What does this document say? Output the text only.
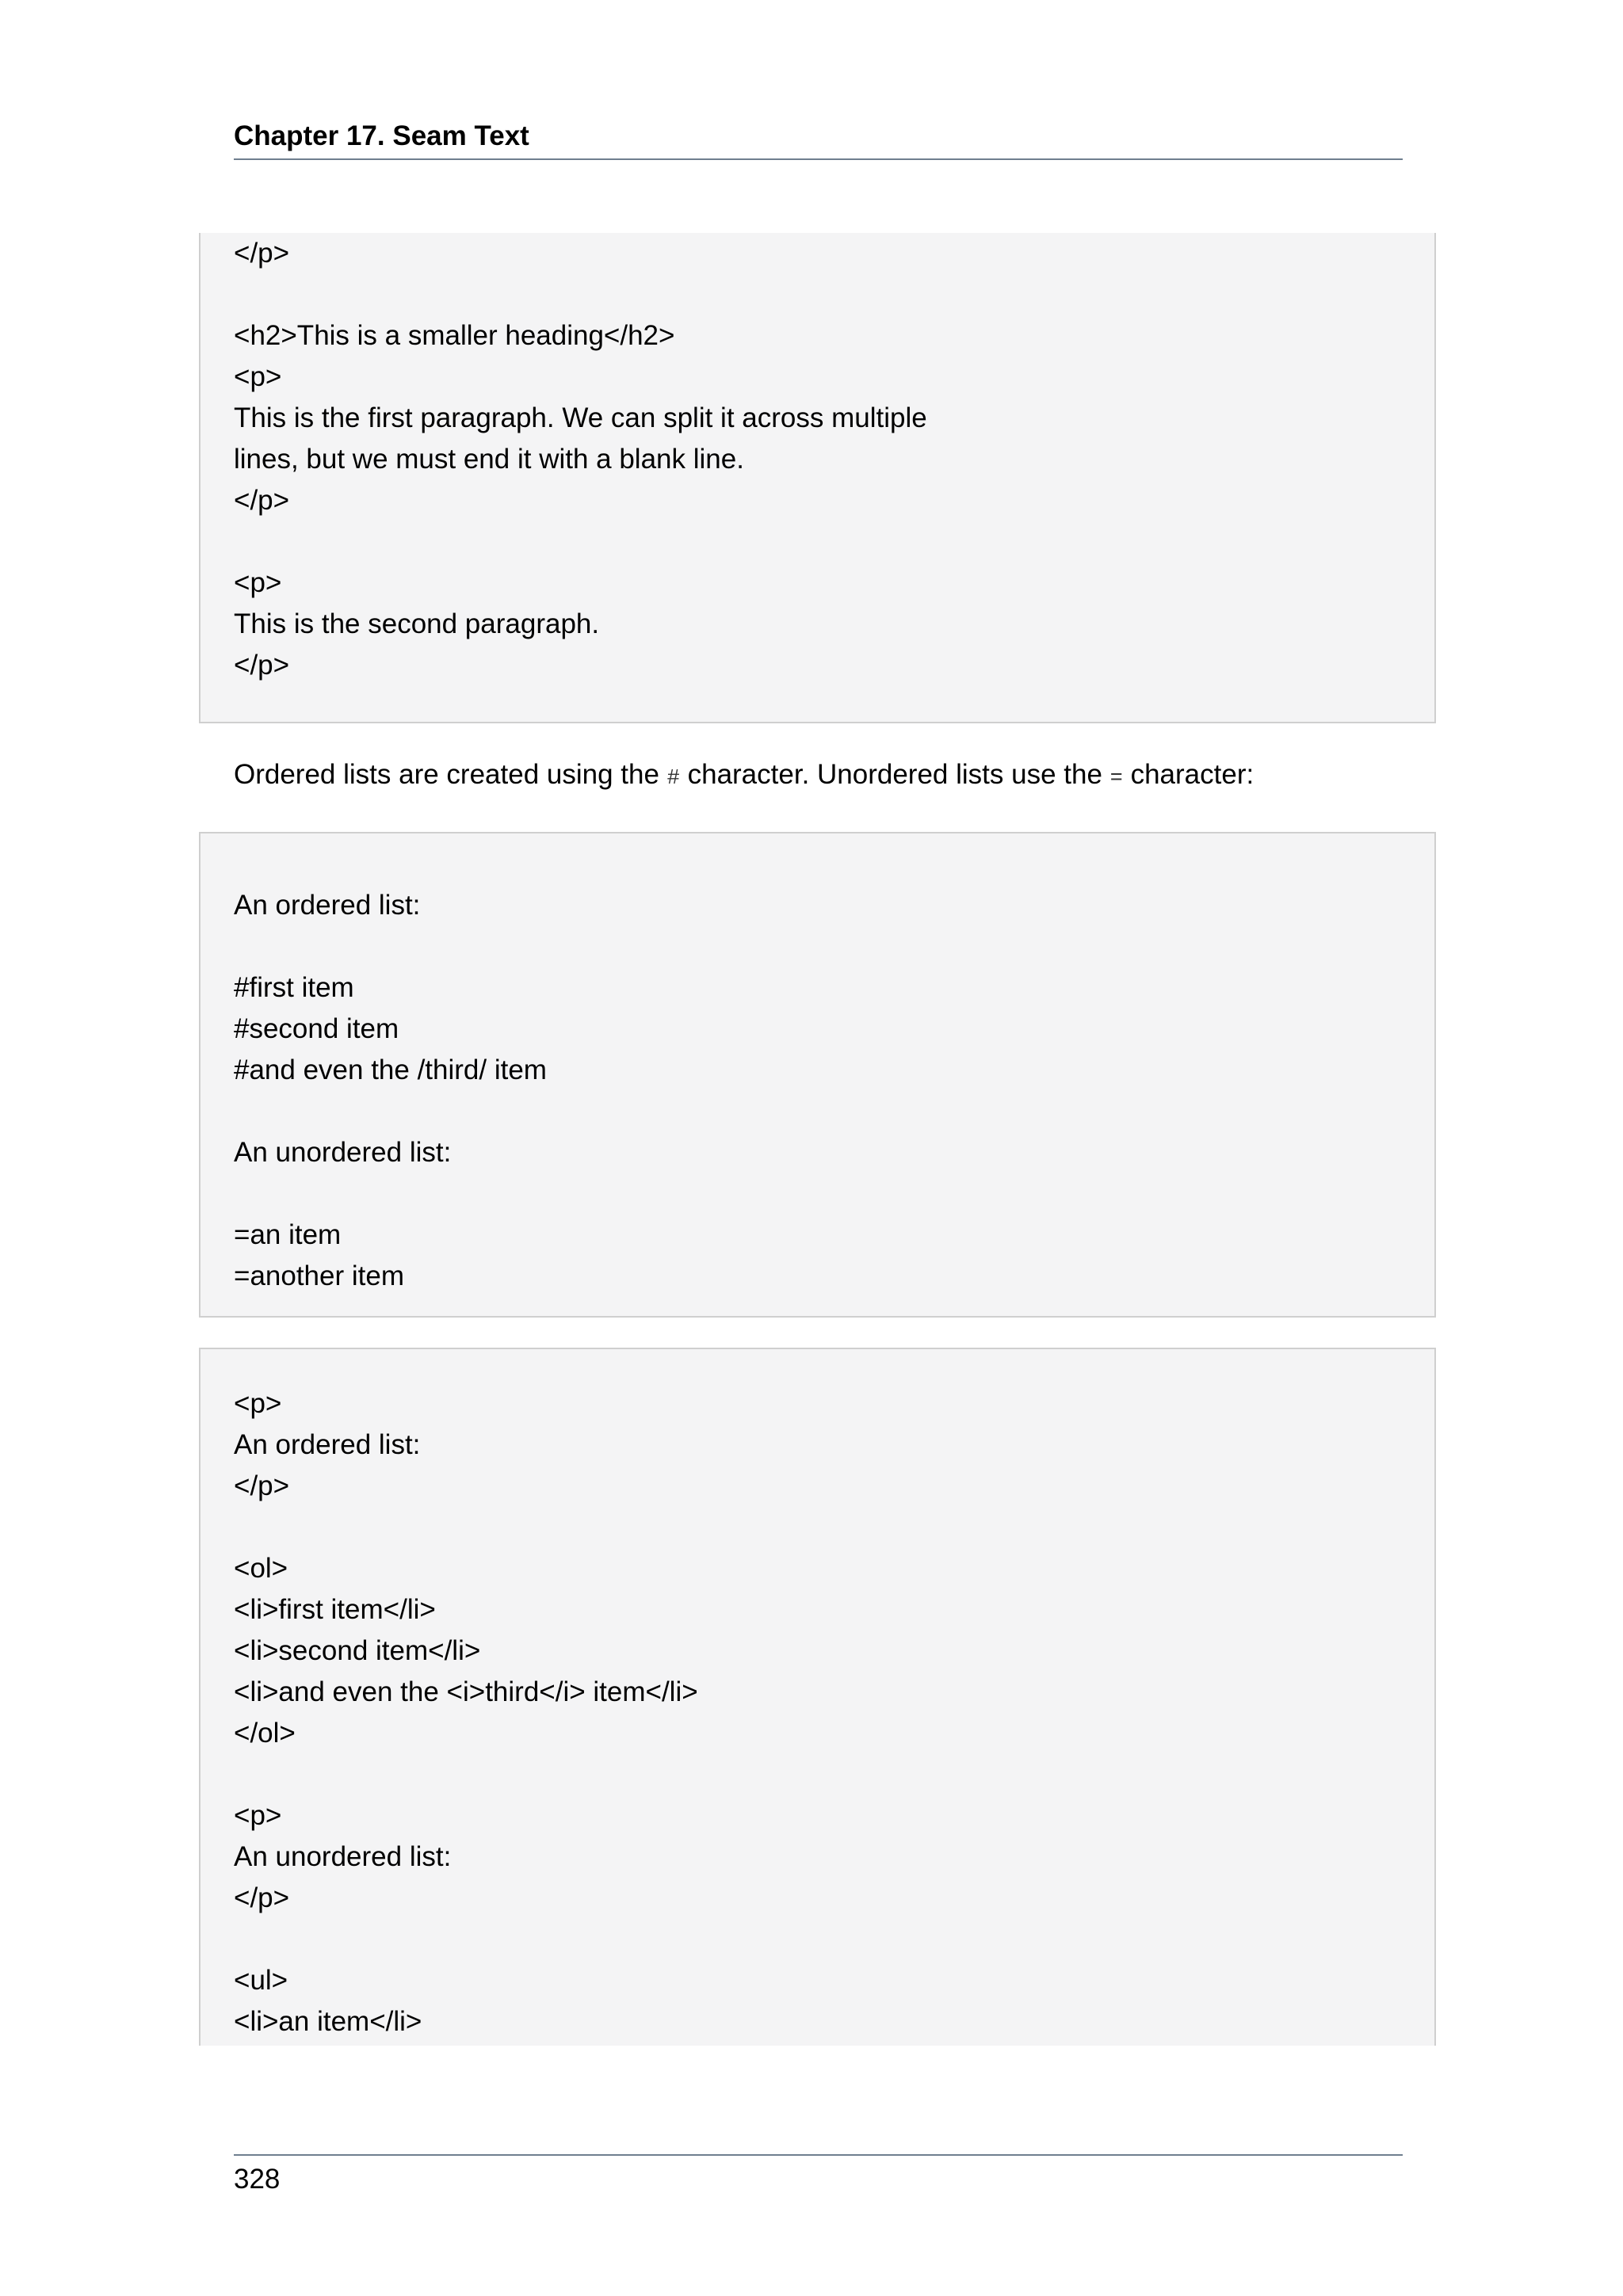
Chapter 17. Seam Text
</p>
<h2>This is a smaller heading</h2>
<p>
This is the first paragraph. We can split it across multiple
lines, but we must end it with a blank line.
</p>
<p>
This is the second paragraph.
</p>
Ordered lists are created using the # character. Unordered lists use the = character:
An ordered list:
#first item
#second item
#and even the /third/ item
An unordered list:
=an item
=another item
<p>
An ordered list:
</p>
<ol>
<li>first item</li>
<li>second item</li>
<li>and even the <i>third</i> item</li>
</ol>
<p>
An unordered list:
</p>
<ul>
<li>an item</li>
328
